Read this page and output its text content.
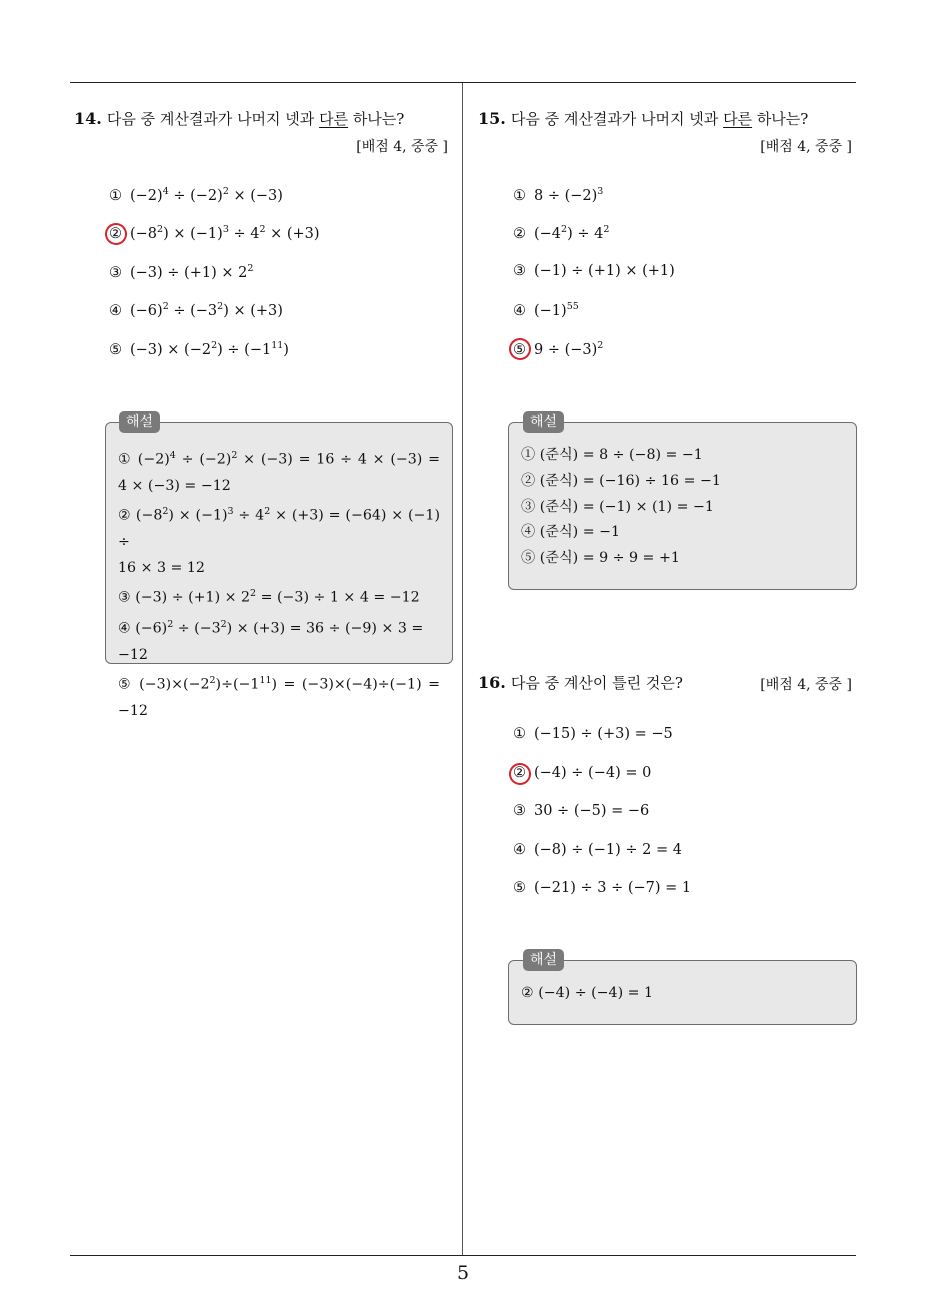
5
14. 다음 중 계산결과가 나머지 넷과 다른 하나는?
[배점 4, 중중 ]
① $(-2)^4 \div (-2)^2 \times (-3)$
② $(-8^2) \times (-1)^3 \div 4^2 \times (+3)$
③ $(-3) \div (+1) \times 2^2$
④ $(-6)^2 \div (-3^2) \times (+3)$
⑤ $(-3) \times (-2^2) \div (-1^{11})$
① $(-2)^4 \div (-2)^2 \times (-3) = 16 \div 4 \times (-3)$ =
4 × (−3) = −12
② $(-8^2) \times (-1)^3 \div 4^2 \times (+3) = (-64) \times (-1)$ ÷
16 × 3 = 12
③ $(-3) \div (+1) \times 2^2 = (-3) \div 1 \times 4 = -12$
④ $(-6)^2 \div (-3^2) \times (+3) = 36 \div (-9) \times 3 = -12$
⑤ $(-3)\times(-2^2)\div(-1^{11}) = (-3)\times(-4)\div(-1)$ =
−12
해설
15. 다음 중 계산결과가 나머지 넷과 다른 하나는?
[배점 4, 중중 ]
① $8 \div (-2)^3$
② $(-4^2) \div 4^2$
③ (−1) ÷ (+1) × (+1)
④ $(-1)^{55}$
⑤ $9 \div (-3)^2$
① (준식) = 8 ÷ (−8) = −1
② (준식) = (−16) ÷ 16 = −1
③ (준식) = (−1) × (1) = −1
④ (준식) = −1
⑤ (준식) = 9 ÷ 9 = +1
해설
16. 다음 중 계산이 틀린 것은?	[배점 4, 중중 ]
① (−15) ÷ (+3) = −5
② (−4) ÷ (−4) = 0
③ 30 ÷ (−5) = −6
④ (−8) ÷ (−1) ÷ 2 = 4
⑤ (−21) ÷ 3 ÷ (−7) = 1
② (−4) ÷ (−4) = 1
해설
